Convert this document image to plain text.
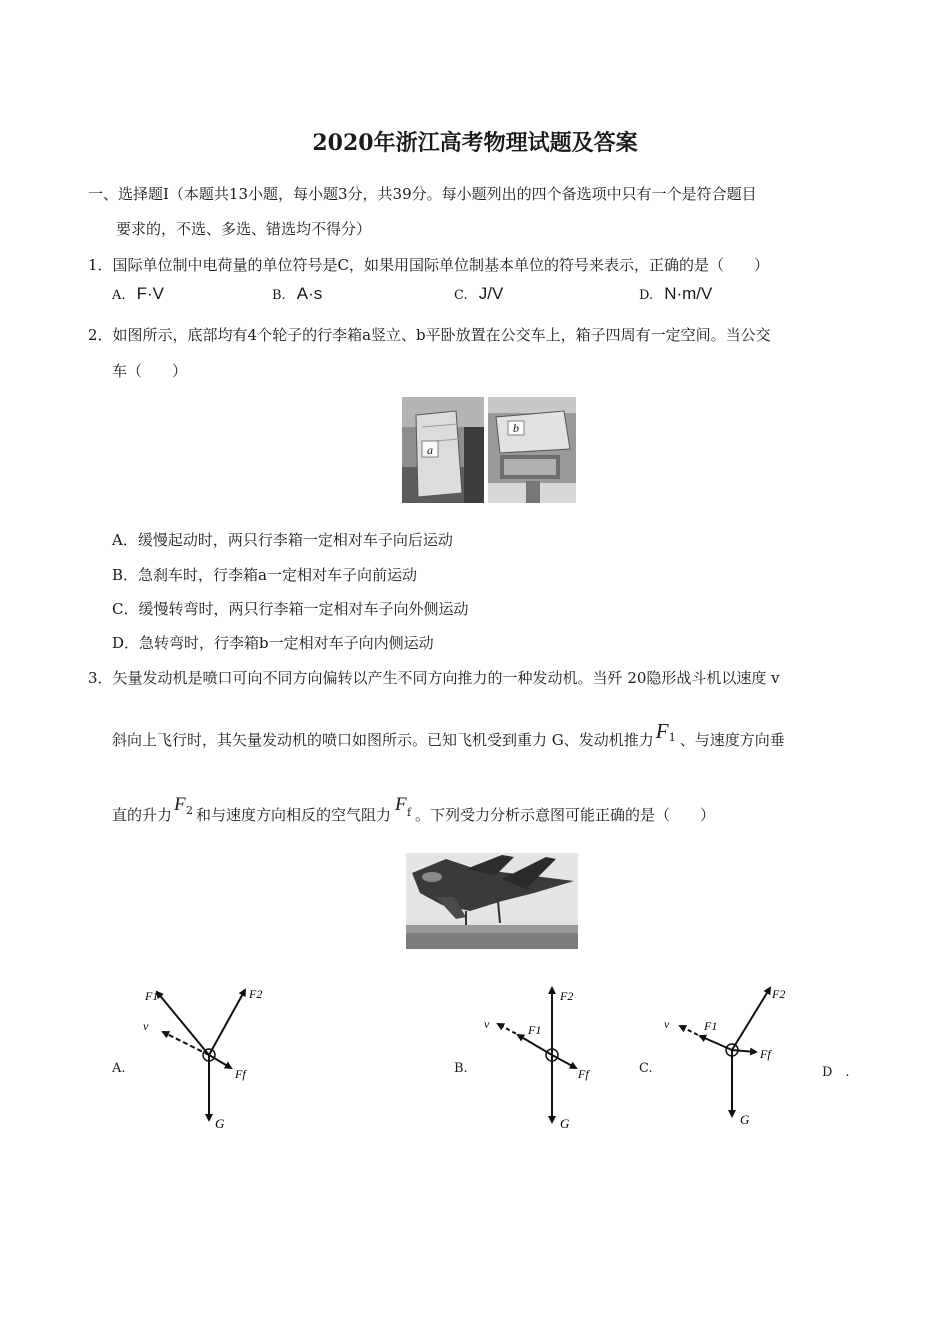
2020年浙江高考物理试题及答案
一、选择题Ⅰ（本题共13小题，每小题3分，共39分。每小题列出的四个备选项中只有一个是符合题目
要求的，不选、多选、错选均不得分）
1．国际单位制中电荷量的单位符号是C，如果用国际单位制基本单位的符号来表示，正确的是（　　）
A. F·V	B. A·s	C. J/V	D. N·m/V
2．如图所示，底部均有4个轮子的行李箱a竖立、b平卧放置在公交车上，箱子四周有一定空间。当公交
车（　　）
a
b
A．缓慢起动时，两只行李箱一定相对车子向后运动
B．急刹车时，行李箱a一定相对车子向前运动
C．缓慢转弯时，两只行李箱一定相对车子向外侧运动
D．急转弯时，行李箱b一定相对车子向内侧运动
3．矢量发动机是喷口可向不同方向偏转以产生不同方向推力的一种发动机。当歼 20隐形战斗机以速度 v
斜向上飞行时，其矢量发动机的喷口如图所示。已知飞机受到重力 G、发动机推力 F 1 、与速度方向垂
直的升力 F 2 和与速度方向相反的空气阻力 F f 。下列受力分析示意图可能正确的是（　　）
A.	B.	C.	D　.
F1	F2
v
Ff
G
F2
F1
v
Ff
G
F2
F1
v
Ff
G
